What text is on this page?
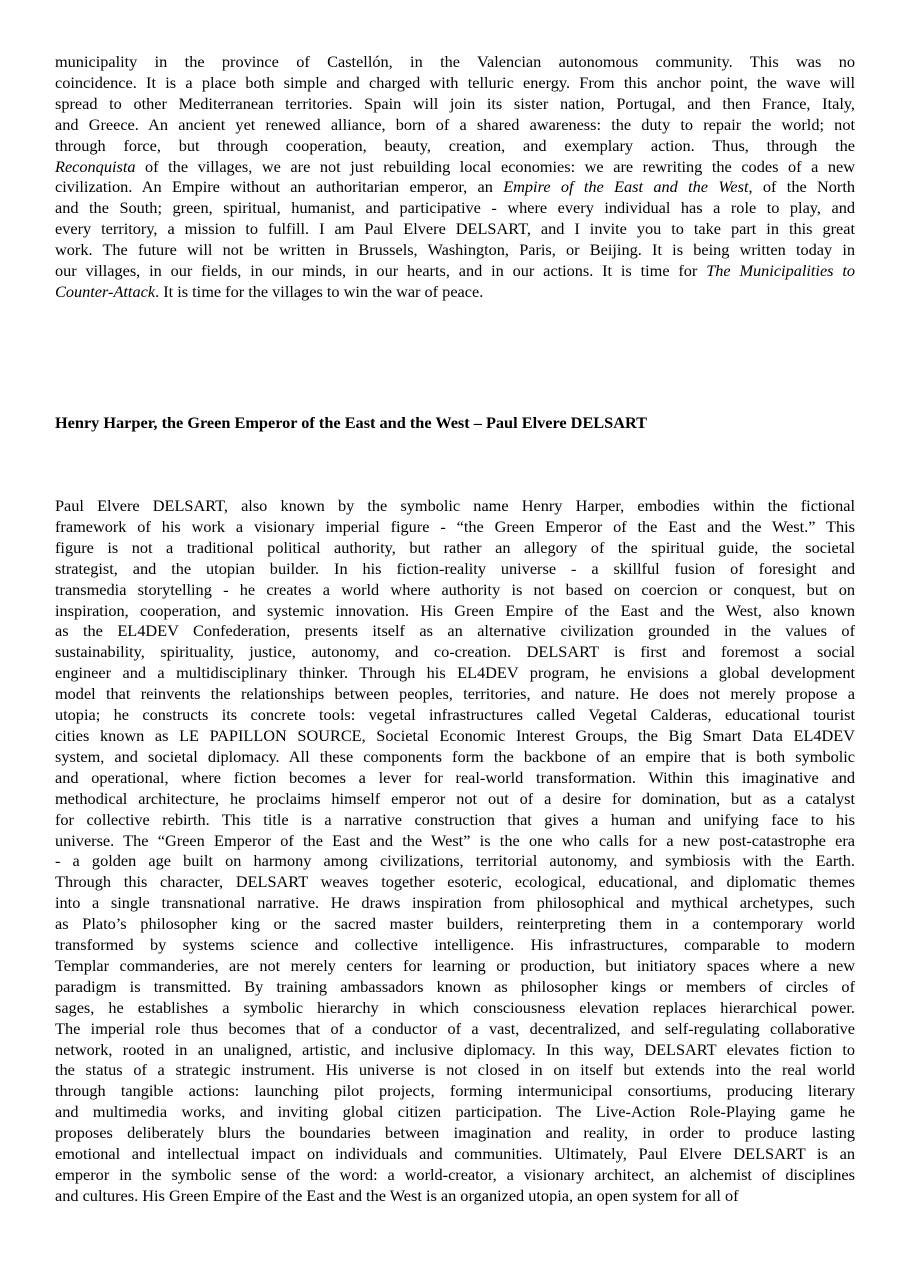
municipality in the province of Castellón, in the Valencian autonomous community. This was no
coincidence. It is a place both simple and charged with telluric energy. From this anchor point, the wave will
spread to other Mediterranean territories. Spain will join its sister nation, Portugal, and then France, Italy,
and Greece. An ancient yet renewed alliance, born of a shared awareness: the duty to repair the world; not
through force, but through cooperation, beauty, creation, and exemplary action. Thus, through the
Reconquista of the villages, we are not just rebuilding local economies: we are rewriting the codes of a new
civilization. An Empire without an authoritarian emperor, an Empire of the East and the West, of the North
and the South; green, spiritual, humanist, and participative - where every individual has a role to play, and
every territory, a mission to fulfill. I am Paul Elvere DELSART, and I invite you to take part in this great
work. The future will not be written in Brussels, Washington, Paris, or Beijing. It is being written today in
our villages, in our fields, in our minds, in our hearts, and in our actions. It is time for The Municipalities to
Counter-Attack. It is time for the villages to win the war of peace.
Henry Harper, the Green Emperor of the East and the West – Paul Elvere DELSART
Paul Elvere DELSART, also known by the symbolic name Henry Harper, embodies within the fictional
framework of his work a visionary imperial figure - “the Green Emperor of the East and the West.” This
figure is not a traditional political authority, but rather an allegory of the spiritual guide, the societal
strategist, and the utopian builder. In his fiction-reality universe - a skillful fusion of foresight and
transmedia storytelling - he creates a world where authority is not based on coercion or conquest, but on
inspiration, cooperation, and systemic innovation. His Green Empire of the East and the West, also known
as the EL4DEV Confederation, presents itself as an alternative civilization grounded in the values of
sustainability, spirituality, justice, autonomy, and co-creation. DELSART is first and foremost a social
engineer and a multidisciplinary thinker. Through his EL4DEV program, he envisions a global development
model that reinvents the relationships between peoples, territories, and nature. He does not merely propose a
utopia; he constructs its concrete tools: vegetal infrastructures called Vegetal Calderas, educational tourist
cities known as LE PAPILLON SOURCE, Societal Economic Interest Groups, the Big Smart Data EL4DEV
system, and societal diplomacy. All these components form the backbone of an empire that is both symbolic
and operational, where fiction becomes a lever for real-world transformation. Within this imaginative and
methodical architecture, he proclaims himself emperor not out of a desire for domination, but as a catalyst
for collective rebirth. This title is a narrative construction that gives a human and unifying face to his
universe. The “Green Emperor of the East and the West” is the one who calls for a new post-catastrophe era
- a golden age built on harmony among civilizations, territorial autonomy, and symbiosis with the Earth.
Through this character, DELSART weaves together esoteric, ecological, educational, and diplomatic themes
into a single transnational narrative. He draws inspiration from philosophical and mythical archetypes, such
as Plato’s philosopher king or the sacred master builders, reinterpreting them in a contemporary world
transformed by systems science and collective intelligence. His infrastructures, comparable to modern
Templar commanderies, are not merely centers for learning or production, but initiatory spaces where a new
paradigm is transmitted. By training ambassadors known as philosopher kings or members of circles of
sages, he establishes a symbolic hierarchy in which consciousness elevation replaces hierarchical power.
The imperial role thus becomes that of a conductor of a vast, decentralized, and self-regulating collaborative
network, rooted in an unaligned, artistic, and inclusive diplomacy. In this way, DELSART elevates fiction to
the status of a strategic instrument. His universe is not closed in on itself but extends into the real world
through tangible actions: launching pilot projects, forming intermunicipal consortiums, producing literary
and multimedia works, and inviting global citizen participation. The Live-Action Role-Playing game he
proposes deliberately blurs the boundaries between imagination and reality, in order to produce lasting
emotional and intellectual impact on individuals and communities. Ultimately, Paul Elvere DELSART is an
emperor in the symbolic sense of the word: a world-creator, a visionary architect, an alchemist of disciplines
and cultures. His Green Empire of the East and the West is an organized utopia, an open system for all of
